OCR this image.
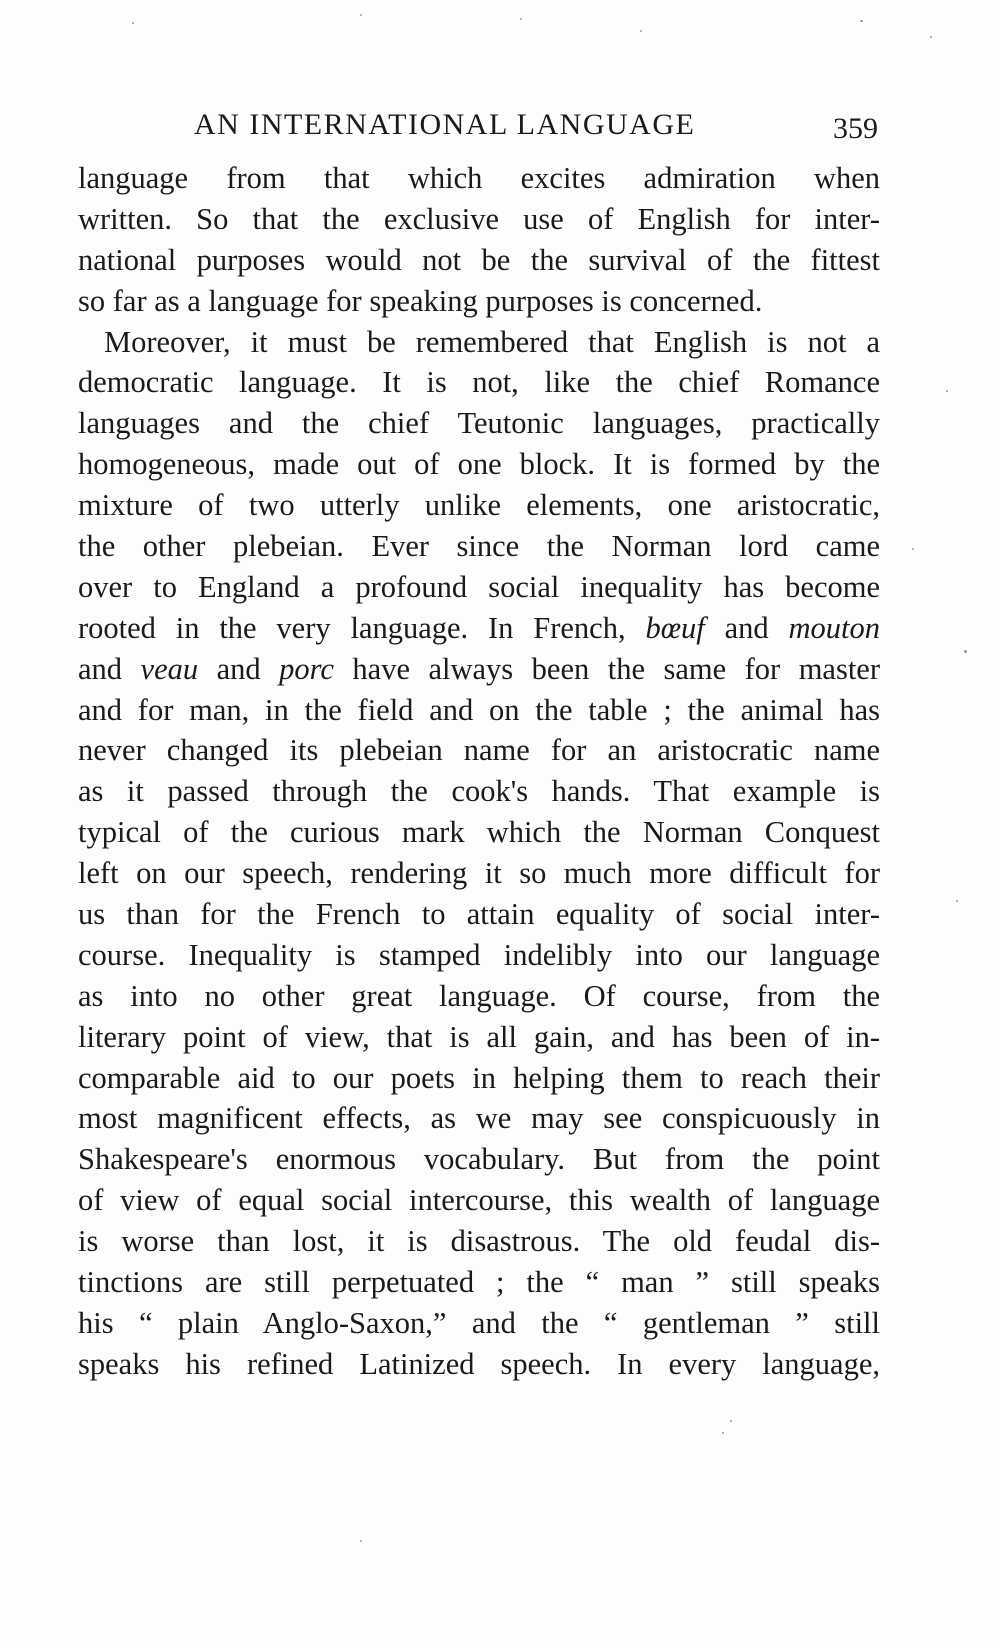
AN INTERNATIONAL LANGUAGE	359
language from that which excites admiration when
written. So that the exclusive use of English for inter-
national purposes would not be the survival of the fittest
so far as a language for speaking purposes is concerned.
Moreover, it must be remembered that English is not a
democratic language. It is not, like the chief Romance
languages and the chief Teutonic languages, practically
homogeneous, made out of one block. It is formed by the
mixture of two utterly unlike elements, one aristocratic,
the other plebeian. Ever since the Norman lord came
over to England a profound social inequality has become
rooted in the very language. In French, bœuf and mouton
and veau and porc have always been the same for master
and for man, in the field and on the table ; the animal has
never changed its plebeian name for an aristocratic name
as it passed through the cook's hands. That example is
typical of the curious mark which the Norman Conquest
left on our speech, rendering it so much more difficult for
us than for the French to attain equality of social inter-
course. Inequality is stamped indelibly into our language
as into no other great language. Of course, from the
literary point of view, that is all gain, and has been of in-
comparable aid to our poets in helping them to reach their
most magnificent effects, as we may see conspicuously in
Shakespeare's enormous vocabulary. But from the point
of view of equal social intercourse, this wealth of language
is worse than lost, it is disastrous. The old feudal dis-
tinctions are still perpetuated ; the “ man ” still speaks
his “ plain Anglo-Saxon,” and the “ gentleman ” still
speaks his refined Latinized speech. In every language,
